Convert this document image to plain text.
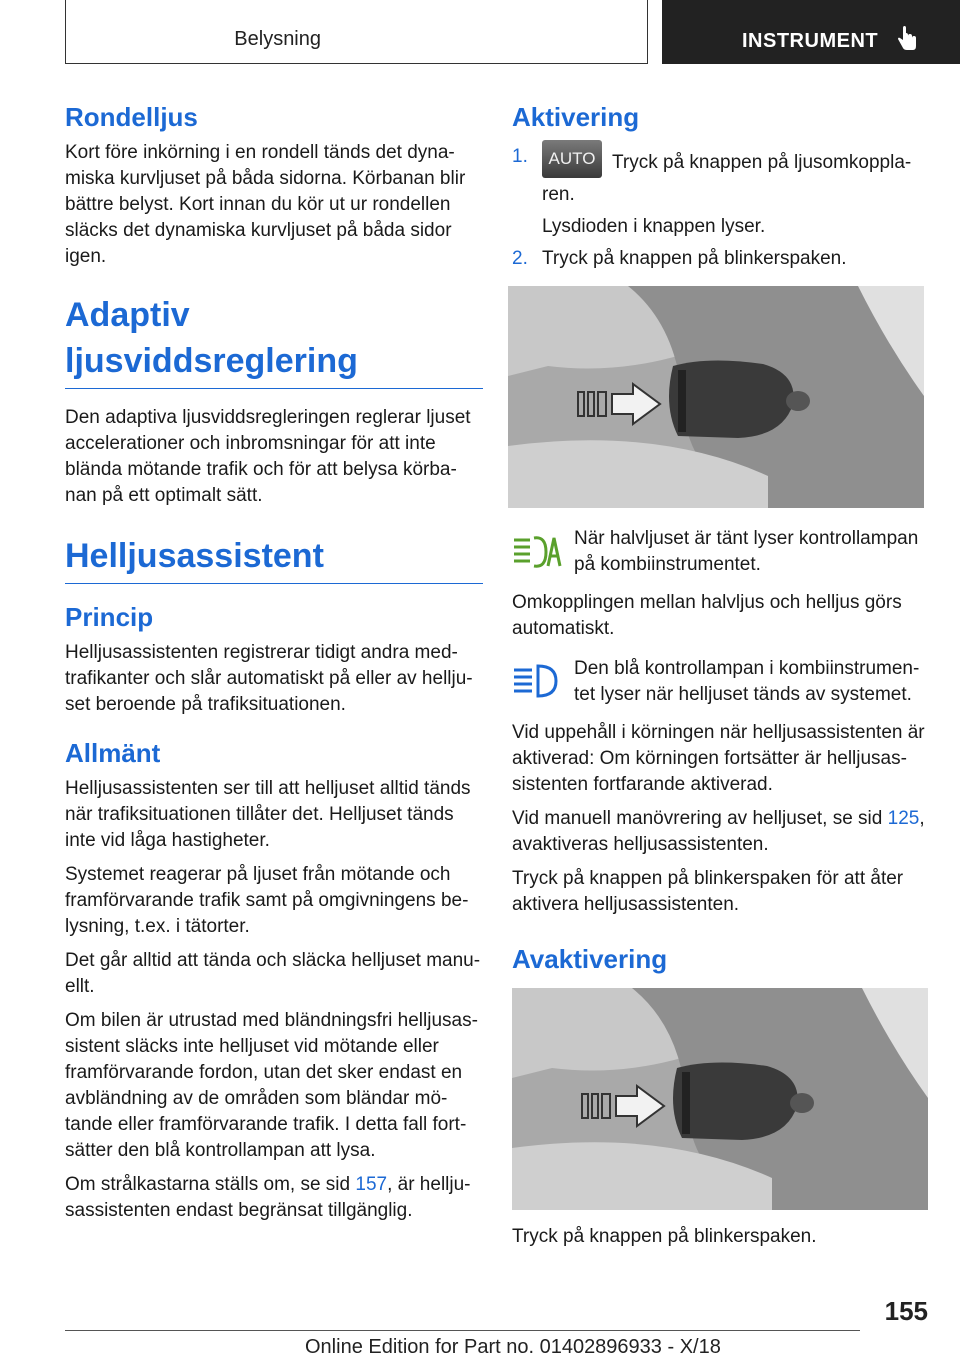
Belysning	INSTRUMENT
Rondelljus

Kort före inkörning i en rondell tänds det dyna-miska kurvljuset på båda sidorna. Körbanan blir bättre belyst. Kort innan du kör ut ur rondellen släcks det dynamiska kurvljuset på båda sidor igen.

Adaptiv ljusviddsreglering

Den adaptiva ljusviddsregleringen reglerar ljuset accelerationer och inbromsningar för att inte blända mötande trafik och för att belysa körba-nan på ett optimalt sätt.

Helljusassistent
Princip

Helljusassistenten registrerar tidigt andra med-trafikanter och slår automatiskt på eller av hellju-set beroende på trafiksituationen.

Allmänt

Helljusassistenten ser till att helljuset alltid tänds när trafiksituationen tillåter det. Helljuset tänds inte vid låga hastigheter.

Systemet reagerar på ljuset från mötande och framförvarande trafik samt på omgivningens be-lysning, t.ex. i tätorter.

Det går alltid att tända och släcka helljuset manu-ellt.

Om bilen är utrustad med bländningsfri helljusas-sistent släcks inte helljuset vid mötande eller framförvarande fordon, utan det sker endast en avbländning av de områden som bländar mö-tande eller framförvarande trafik. I detta fall fort-sätter den blå kontrollampan att lysa.

Om strålkastarna ställs om, se sid 157, är hellju-sassistenten endast begränsat tillgänglig.

Aktivering
1.	AUTO Tryck på knappen på ljusomkoppla-ren.
Lysdioden i knappen lyser.
2. Tryck på knappen på blinkerspaken.
När halvljuset är tänt lyser kontrollampan på kombiinstrumentet.

Omkopplingen mellan halvljus och helljus görs automatiskt.

Den blå kontrollampan i kombiinstrumen-tet lyser när helljuset tänds av systemet.

Vid uppehåll i körningen när helljusassistenten är aktiverad: Om körningen fortsätter är helljusas-sistenten fortfarande aktiverad.

Vid manuell manövrering av helljuset, se sid 125, avaktiveras helljusassistenten.

Tryck på knappen på blinkerspaken för att åter aktivera helljusassistenten.

Avaktivering

Tryck på knappen på blinkerspaken.

155
Online Edition for Part no. 01402896933 - X/18
